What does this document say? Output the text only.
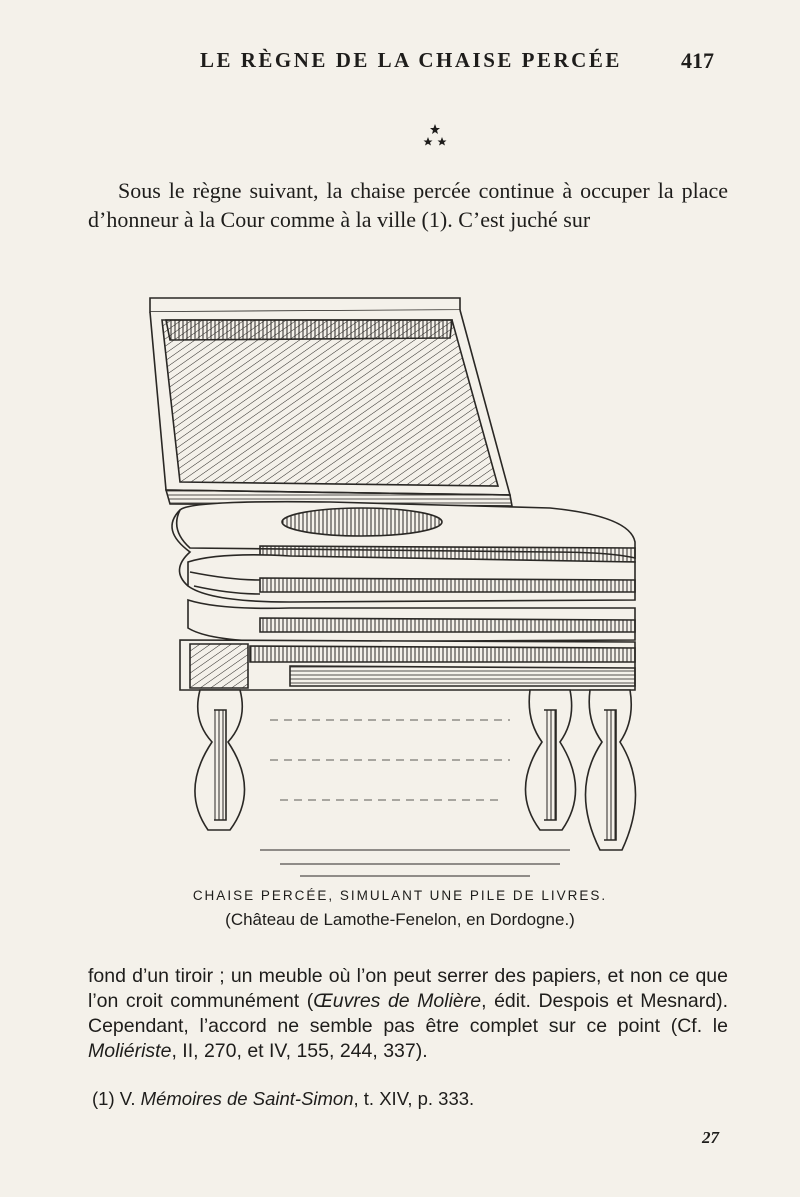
LE RÈGNE DE LA CHAISE PERCÉE	417

Sous le règne suivant, la chaise percée continue à occuper la place d’honneur à la Cour comme à la ville (1). C’est juché sur

CHAISE PERCÉE, SIMULANT UNE PILE DE LIVRES.

(Château de Lamothe-Fenelon, en Dordogne.)

fond d’un tiroir ; un meuble où l’on peut serrer des papiers, et non ce que l’on croit communément (Œuvres de Molière, édit. Despois et Mesnard). Cependant, l’accord ne semble pas être complet sur ce point (Cf. le Moliériste, II, 270, et IV, 155, 244, 337).

(1) V. Mémoires de Saint-Simon, t. XIV, p. 333.

27
